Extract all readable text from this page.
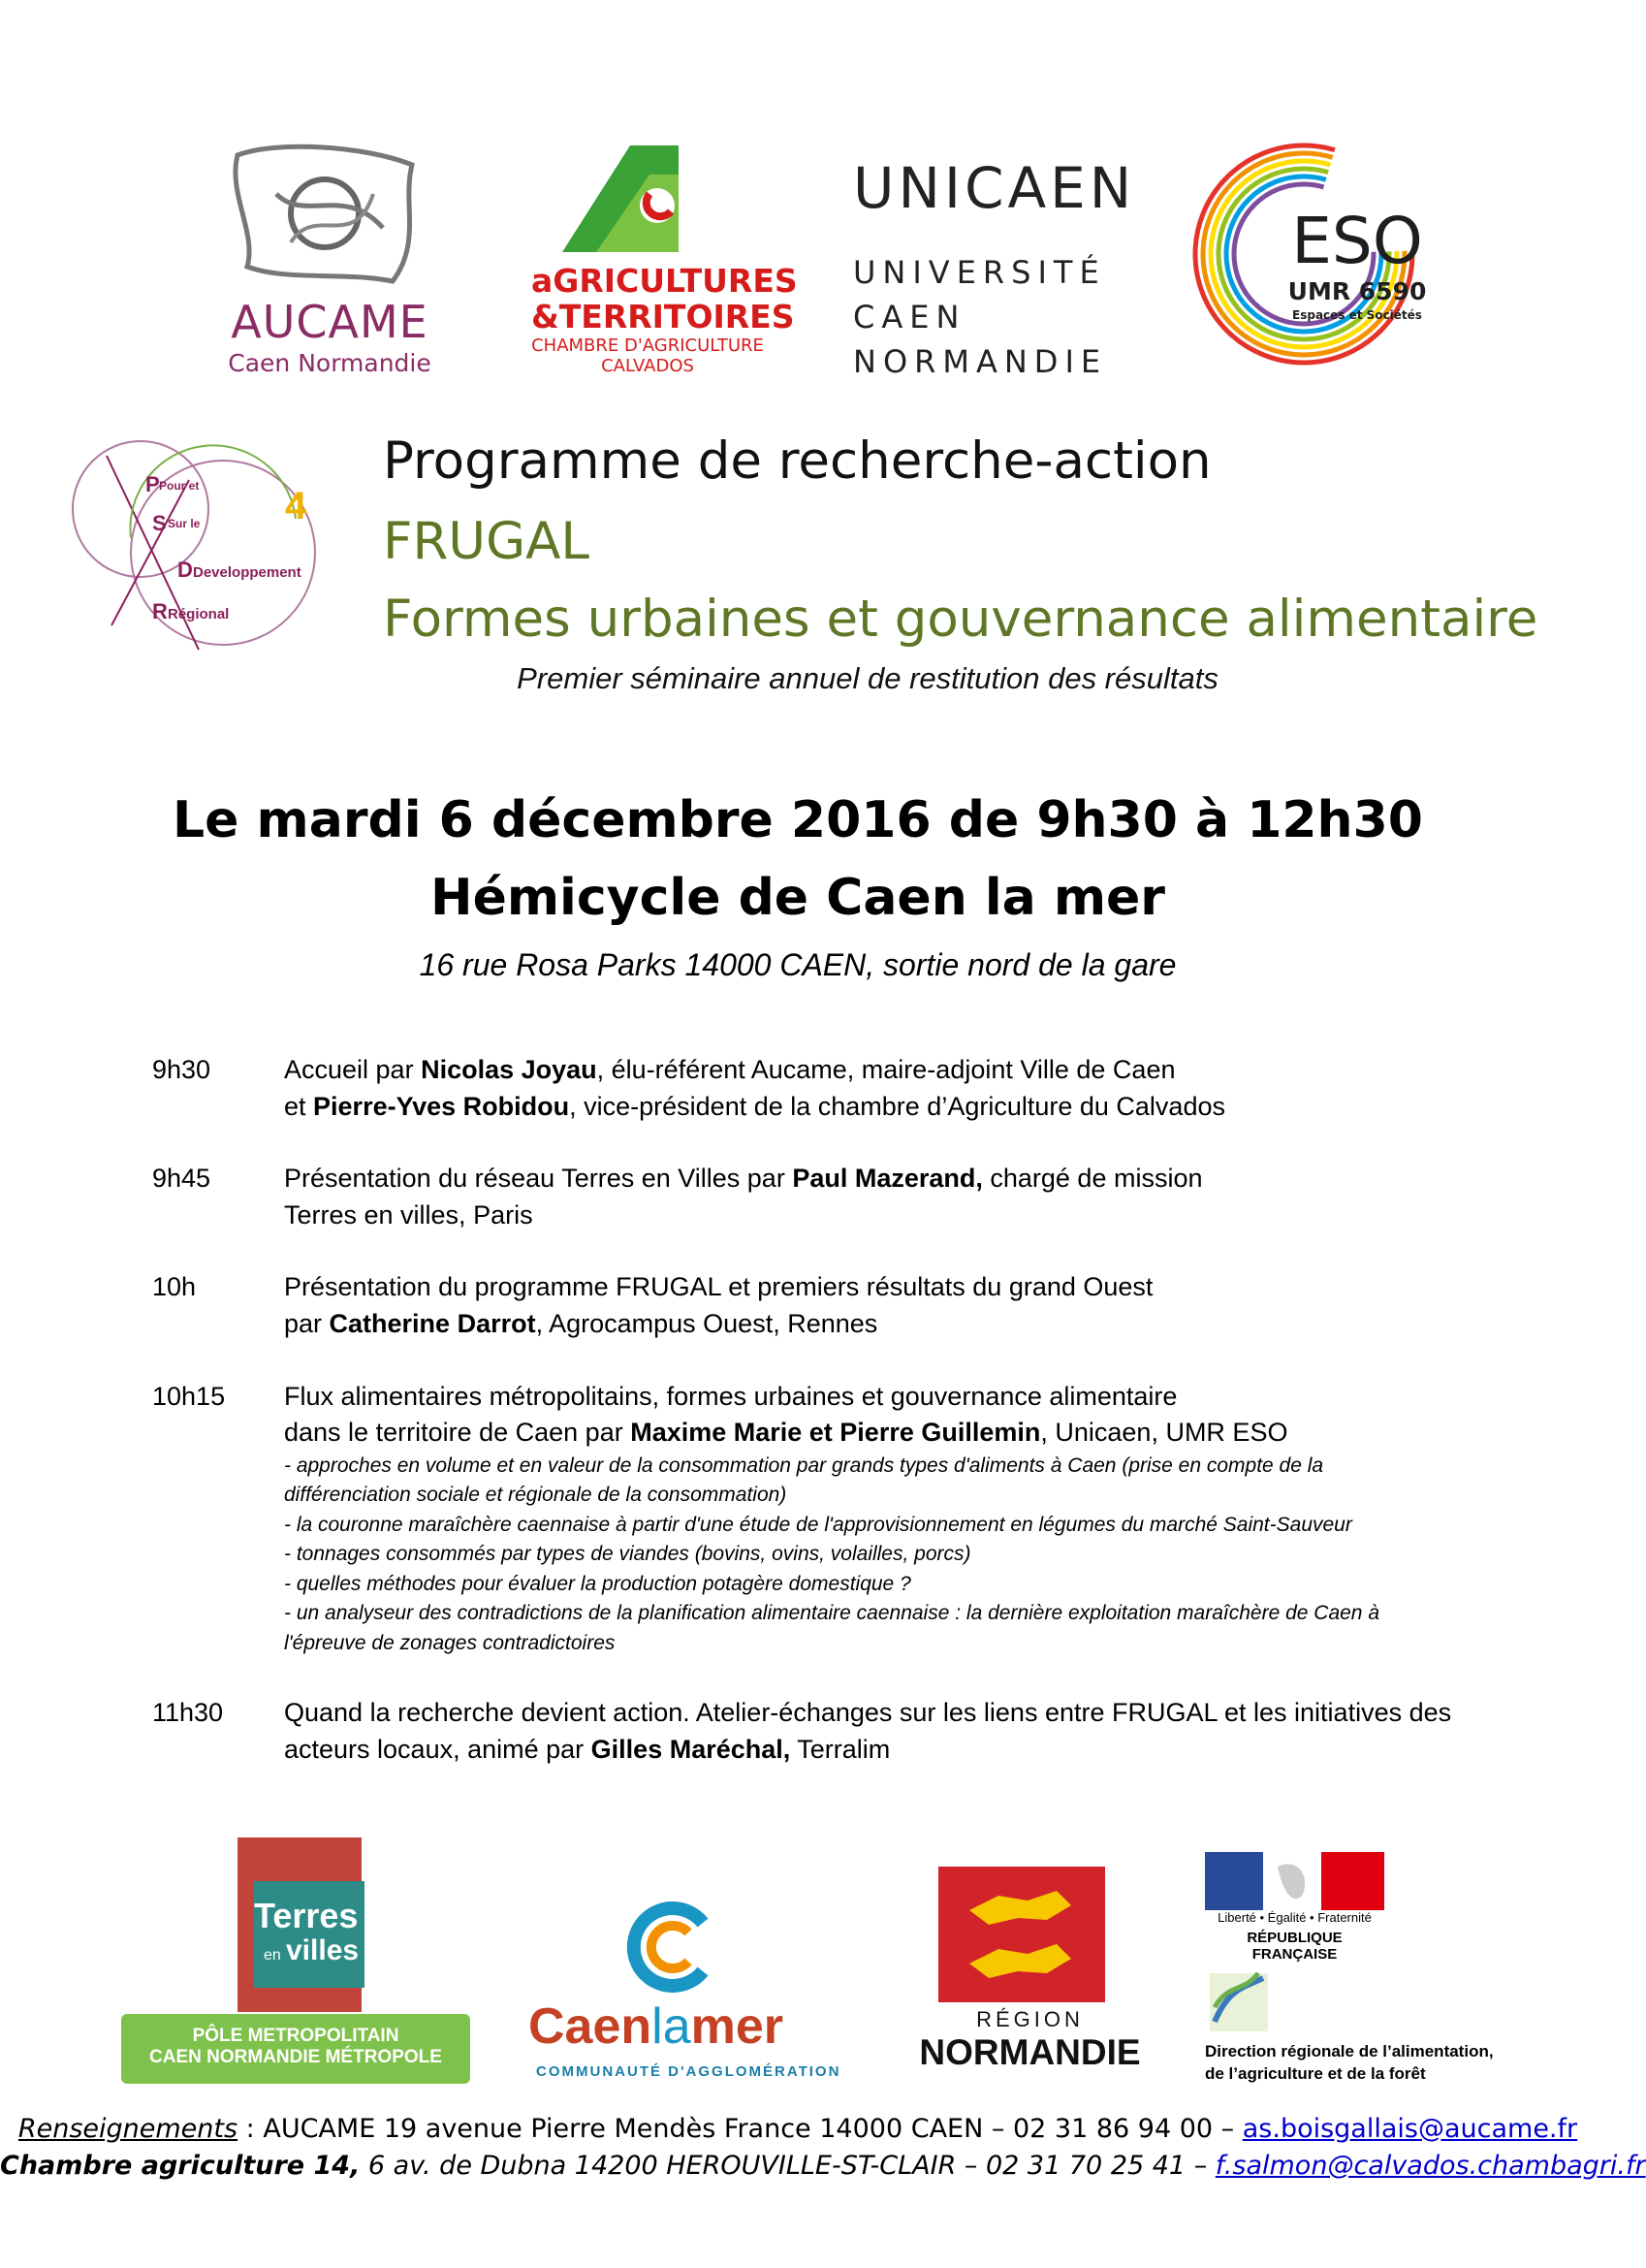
AUCAME
Caen Normandie
aGRICULTURES
&TERRITOIRES
CHAMBRE D'AGRICULTURE
CALVADOS
UNICAEN
UNIVERSITÉ
CAEN
NORMANDIE
ESO
UMR 6590
Espaces et Sociétés
P Pour et
S Sur le 4
D Developpement
R Régional
Programme de recherche-action
FRUGAL
Formes urbaines et gouvernance alimentaire
Premier séminaire annuel de restitution des résultats
Le mardi 6 décembre 2016 de 9h30 à 12h30
Hémicycle de Caen la mer
16 rue Rosa Parks 14000 CAEN, sortie nord de la gare
9h30	Accueil par Nicolas Joyau, élu-référent Aucame, maire-adjoint Ville de Caen
et Pierre-Yves Robidou, vice-président de la chambre d’Agriculture du Calvados
9h45	Présentation du réseau Terres en Villes par Paul Mazerand, chargé de mission
Terres en villes, Paris
10h	Présentation du programme FRUGAL et premiers résultats du grand Ouest
par Catherine Darrot, Agrocampus Ouest, Rennes
10h15 Flux alimentaires métropolitains, formes urbaines et gouvernance alimentaire
dans le territoire de Caen par Maxime Marie et Pierre Guillemin, Unicaen, UMR ESO
- approches en volume et en valeur de la consommation par grands types d'aliments à Caen (prise en compte de la
différenciation sociale et régionale de la consommation)
- la couronne maraîchère caennaise à partir d'une étude de l'approvisionnement en légumes du marché Saint-Sauveur
- tonnages consommés par types de viandes (bovins, ovins, volailles, porcs)
- quelles méthodes pour évaluer la production potagère domestique ?
- un analyseur des contradictions de la planification alimentaire caennaise : la dernière exploitation maraîchère de Caen à
l'épreuve de zonages contradictoires
11h30 Quand la recherche devient action. Atelier-échanges sur les liens entre FRUGAL et les initiatives des
acteurs locaux, animé par Gilles Maréchal, Terralim
Terres
en villes
PÔLE METROPOLITAIN
CAEN NORMANDIE MÉTROPOLE
Caenlamer
COMMUNAUTÉ D'AGGLOMÉRATION
RÉGION
NORMANDIE
Liberté • Égalité • Fraternité
RÉPUBLIQUE FRANÇAISE
Direction régionale de l’alimentation,
de l’agriculture et de la forêt
Renseignements : AUCAME 19 avenue Pierre Mendès France 14000 CAEN – 02 31 86 94 00 – as.boisgallais@aucame.fr
Chambre agriculture 14, 6 av. de Dubna 14200 HEROUVILLE-ST-CLAIR – 02 31 70 25 41 – f.salmon@calvados.chambagri.fr
